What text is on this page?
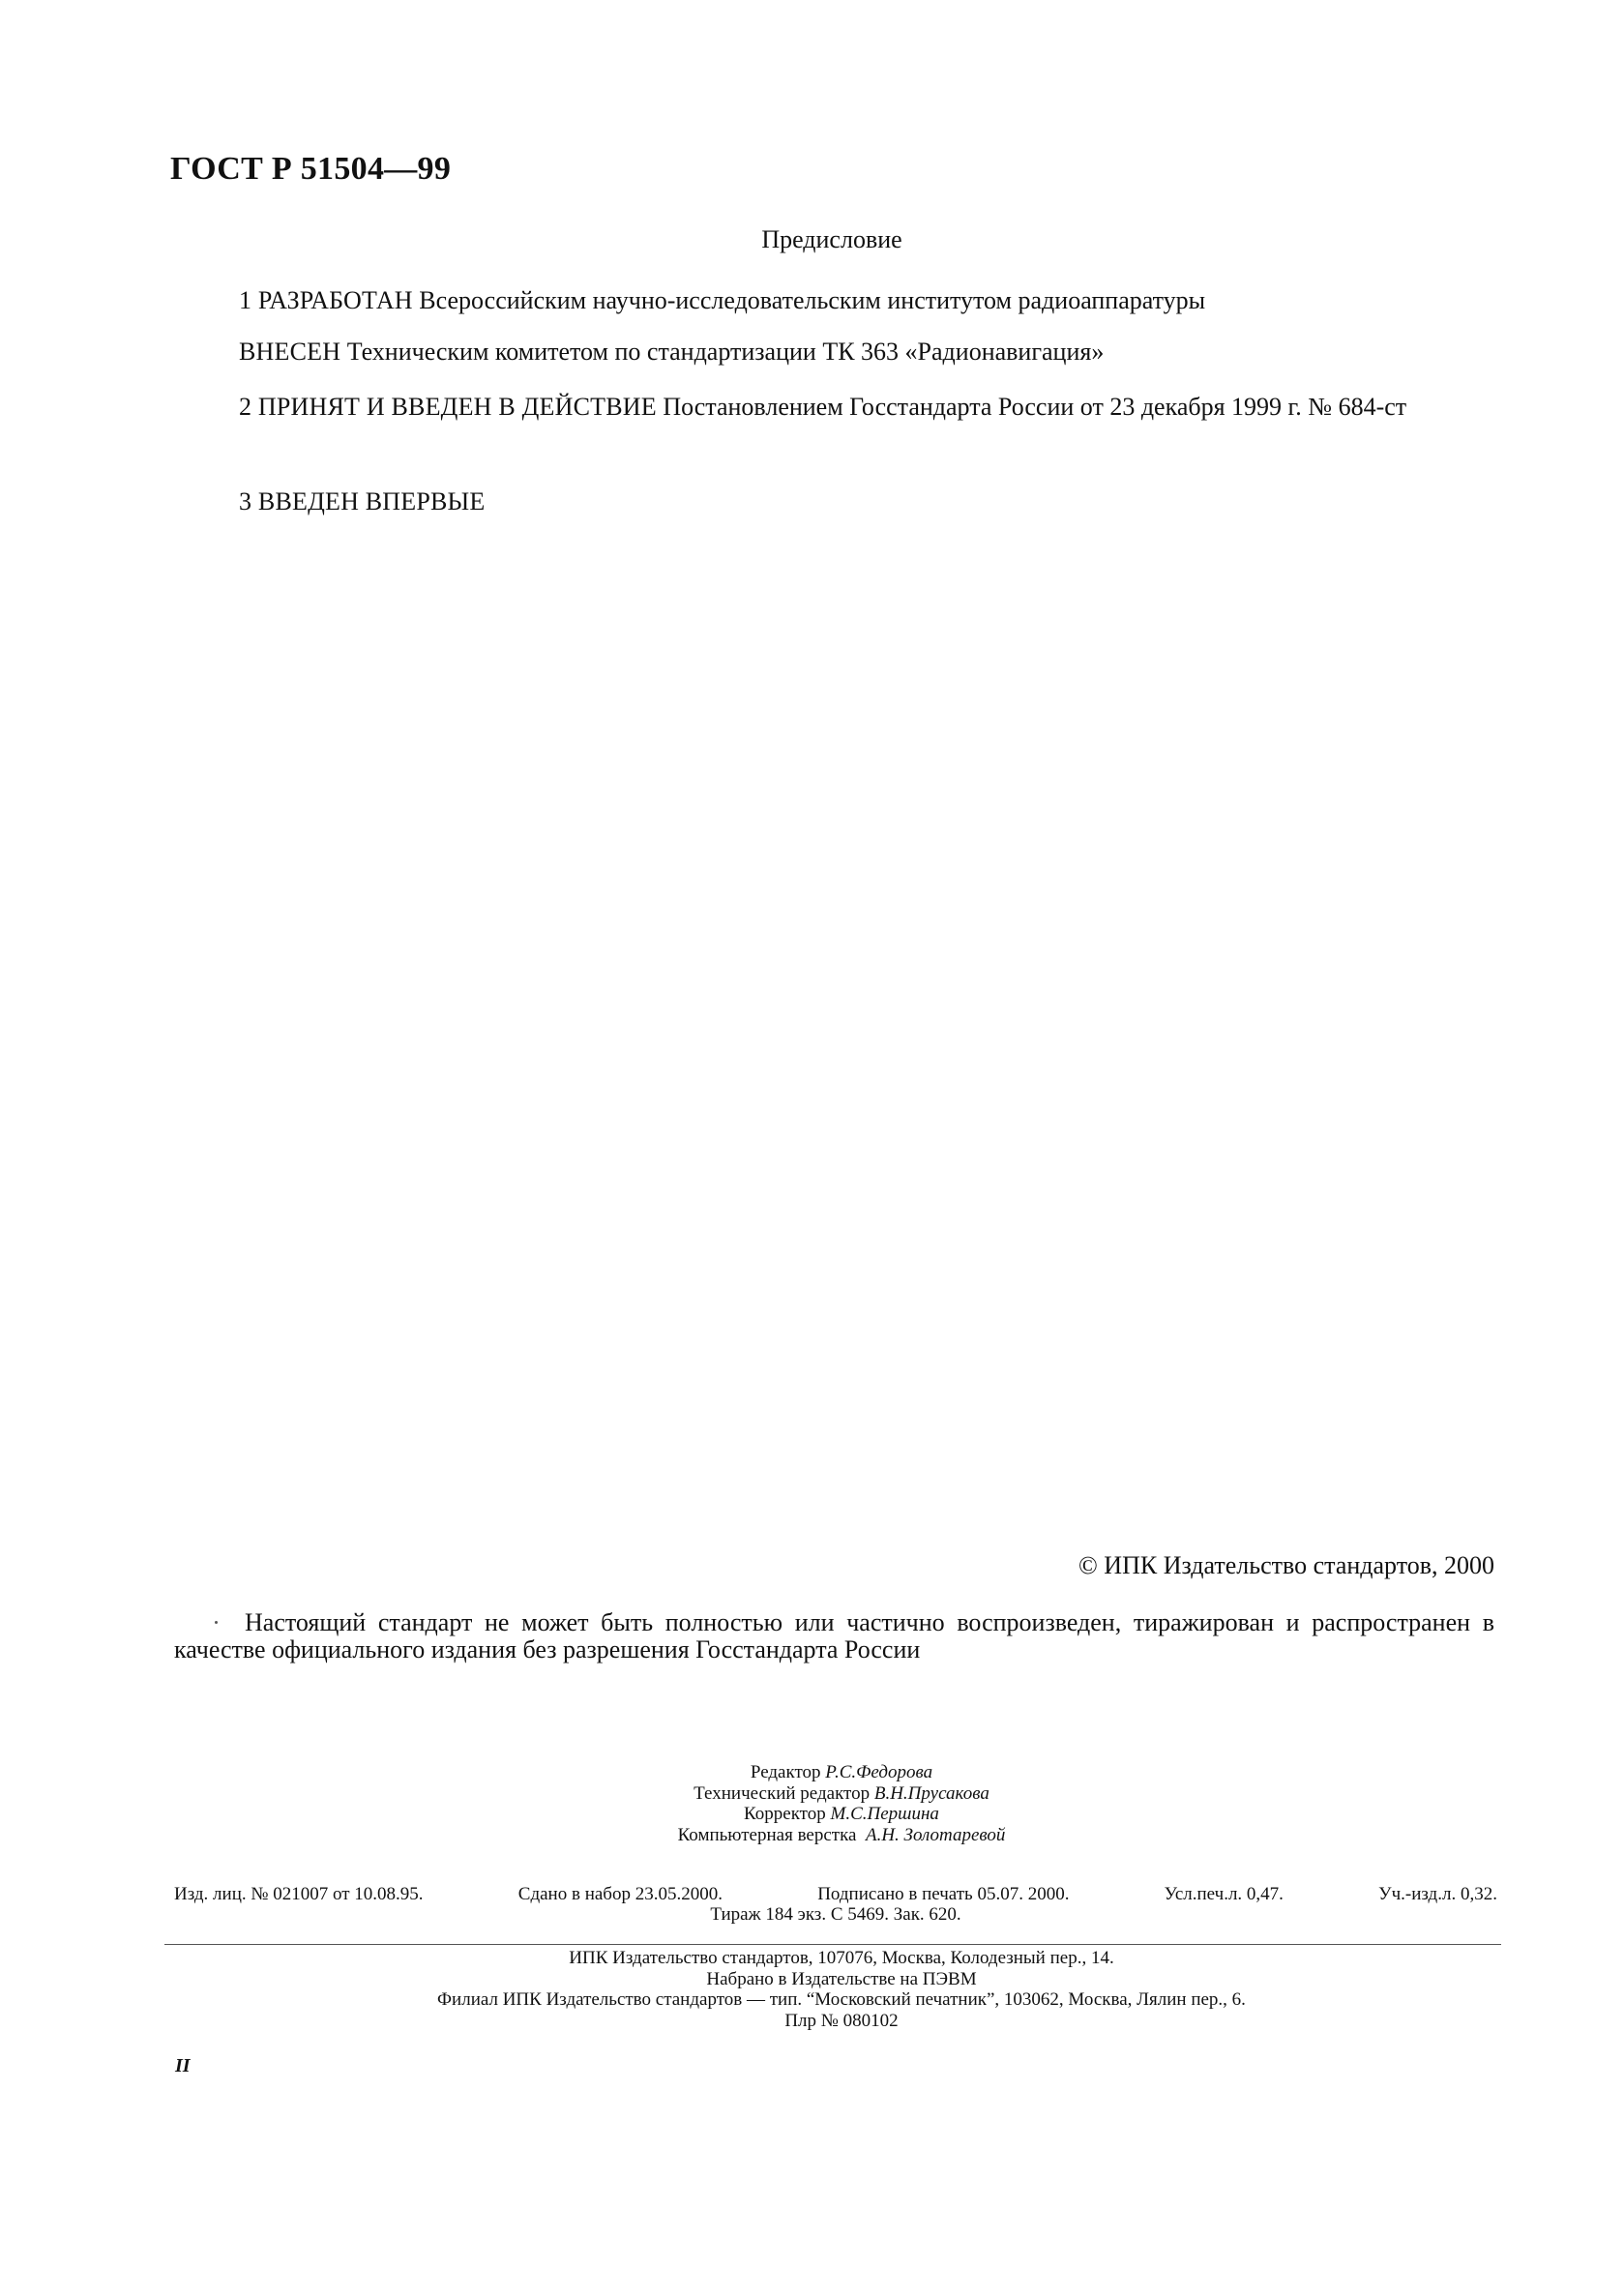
ГОСТ Р 51504—99
Предисловие
1 РАЗРАБОТАН Всероссийским научно-исследовательским институтом радиоаппаратуры
ВНЕСЕН Техническим комитетом по стандартизации ТК 363 «Радионавигация»
2 ПРИНЯТ И ВВЕДЕН В ДЕЙСТВИЕ Постановлением Госстандарта России от 23 декабря 1999 г. № 684-ст
3 ВВЕДЕН ВПЕРВЫЕ
© ИПК Издательство стандартов, 2000
Настоящий стандарт не может быть полностью или частично воспроизведен, тиражирован и распространен в качестве официального издания без разрешения Госстандарта России
Редактор Р.С.Федорова
Технический редактор В.Н.Прусакова
Корректор М.С.Першина
Компьютерная верстка А.Н. Золотаревой
Изд. лиц. № 021007 от 10.08.95.	Сдано в набор 23.05.2000.	Подписано в печать 05.07. 2000.	Усл.печ.л. 0,47.	Уч.-изд.л. 0,32.
Тираж 184 экз. С 5469. Зак. 620.
ИПК Издательство стандартов, 107076, Москва, Колодезный пер., 14.
Набрано в Издательстве на ПЭВМ
Филиал ИПК Издательство стандартов — тип. “Московский печатник”, 103062, Москва, Лялин пер., 6.
Плр № 080102
II
